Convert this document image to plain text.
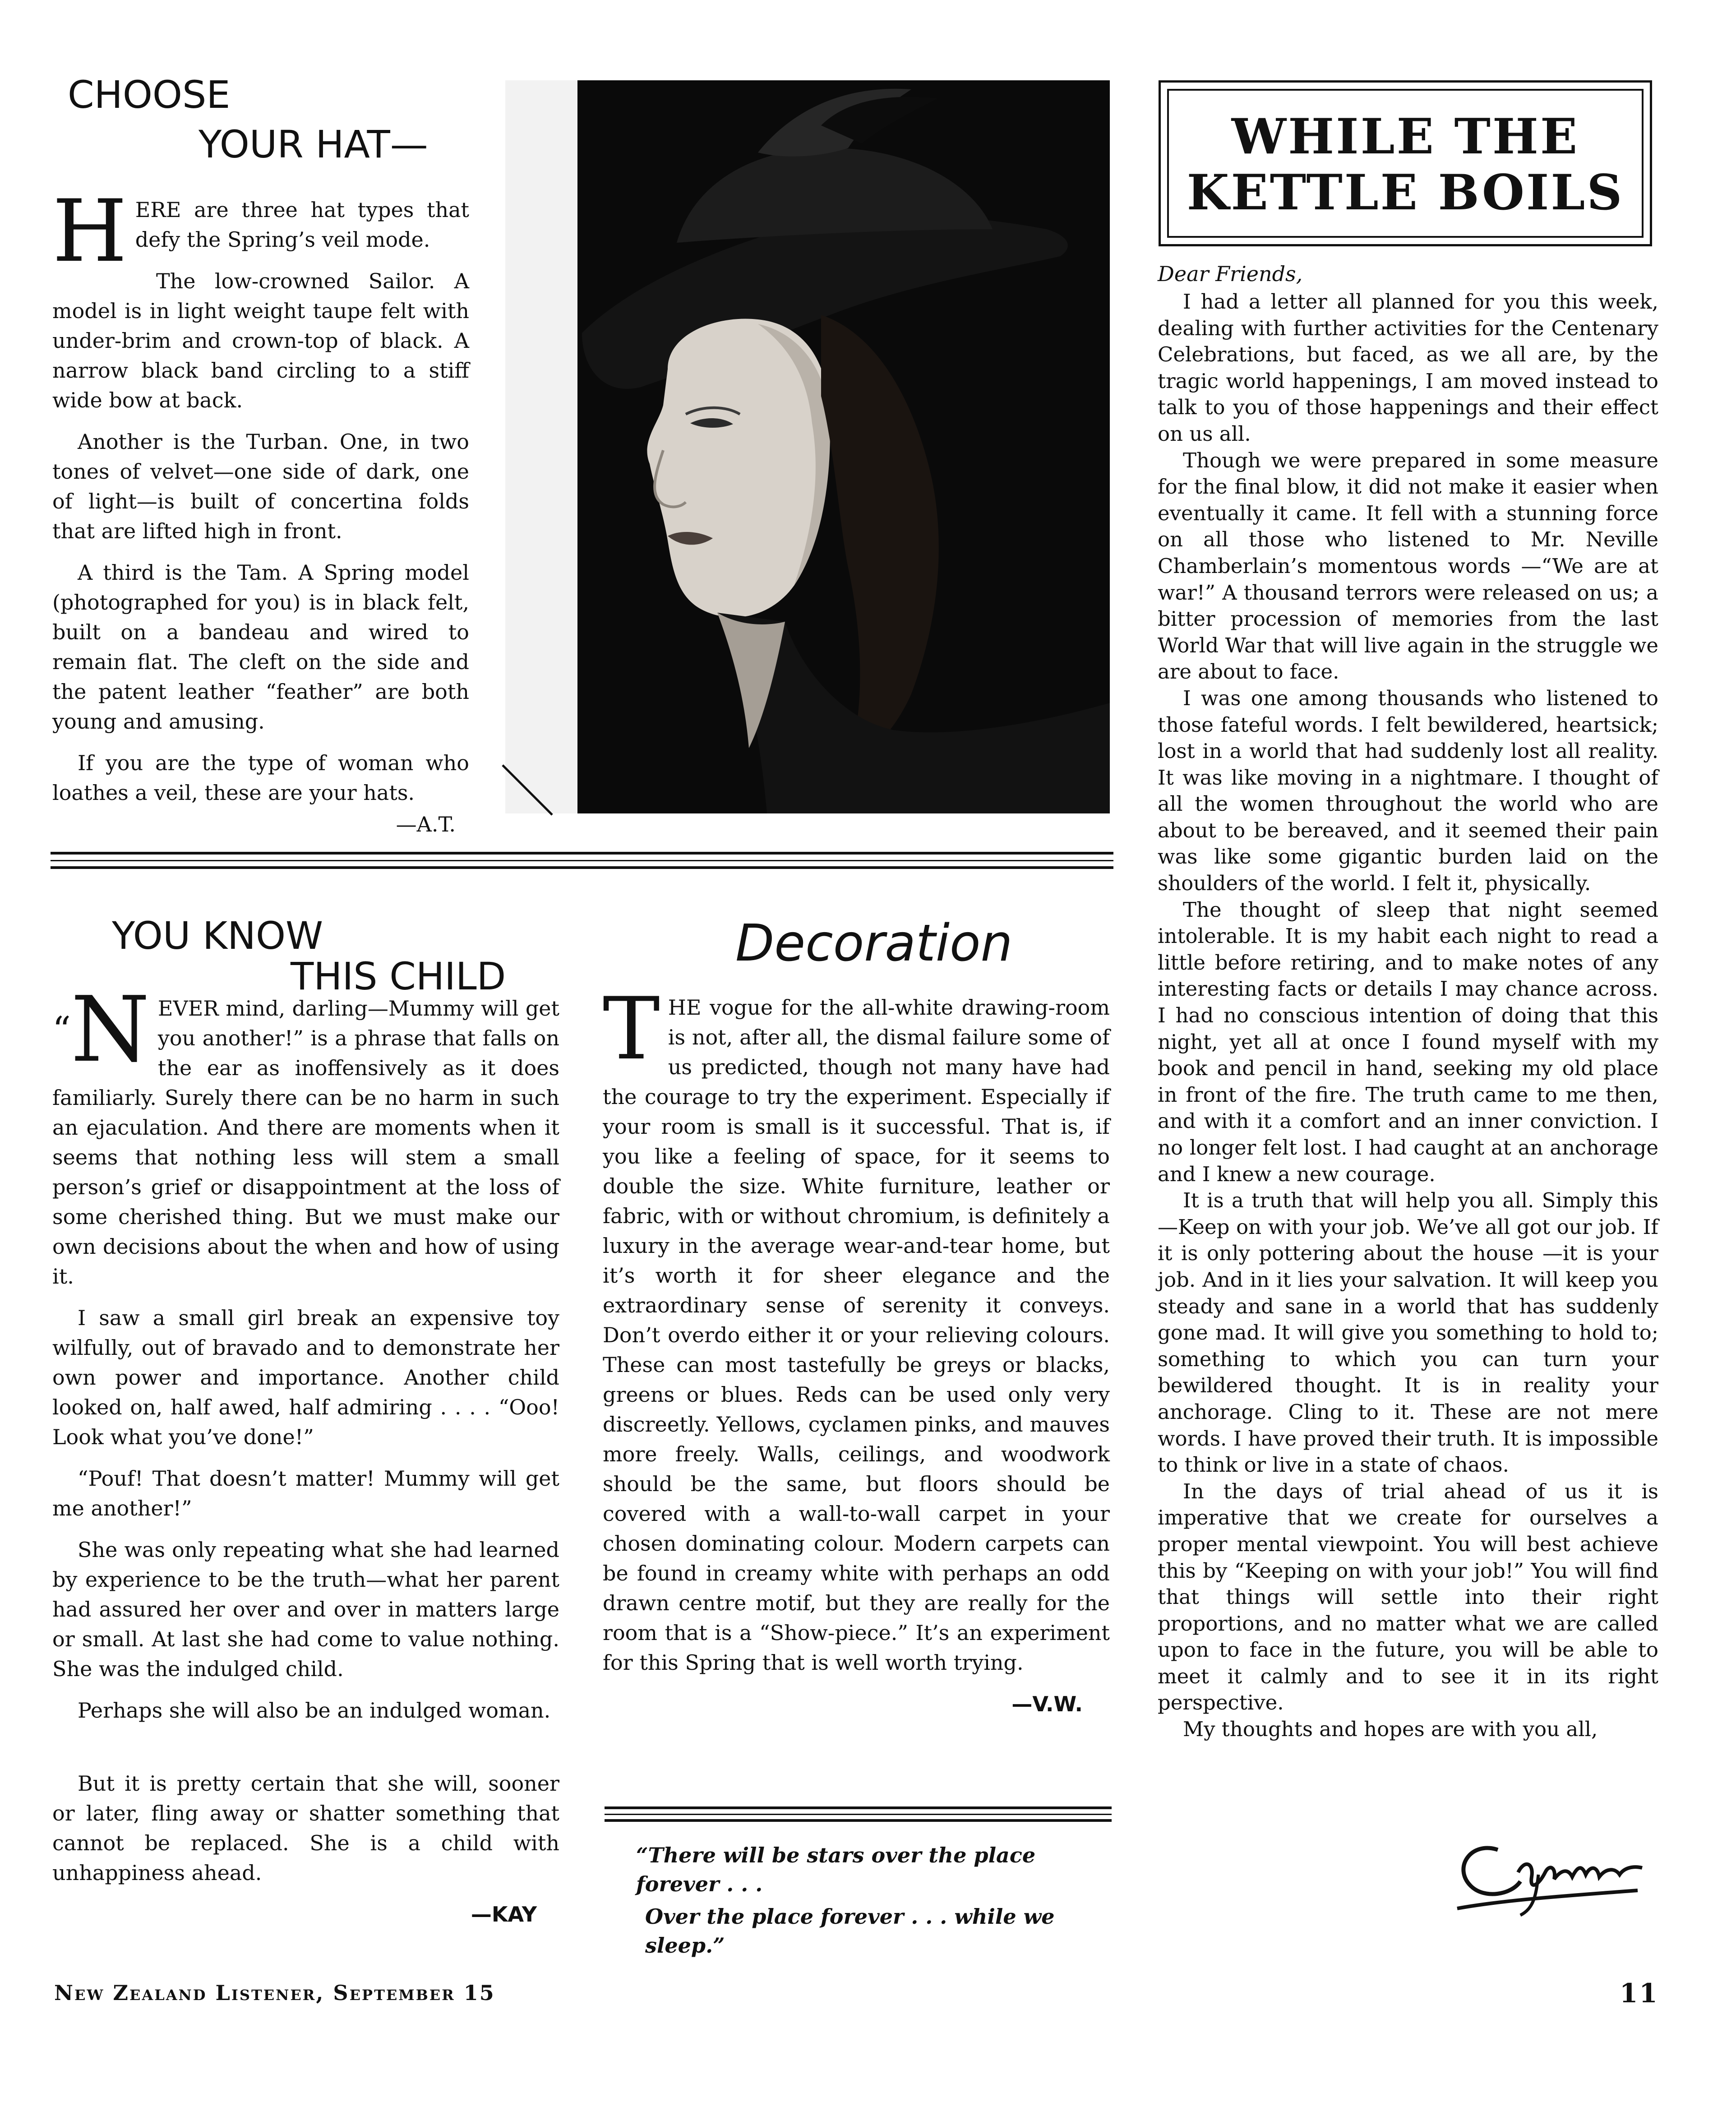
CHOOSE
YOUR HAT—

HERE are three hat types that defy the Spring’s veil mode.

The low-crowned Sailor. A model is in light weight taupe felt with under-brim and crown-top of black. A narrow black band circling to a stiff wide bow at back.

Another is the Turban. One, in two tones of velvet—one side of dark, one of light—is built of concertina folds that are lifted high in front.

A third is the Tam. A Spring model (photographed for you) is in black felt, built on a bandeau and wired to remain flat. The cleft on the side and the patent leather “feather” are both young and amusing.

If you are the type of woman who loathes a veil, these are your hats.

—A.T.
YOU KNOW
THIS CHILD

“N EVER mind, darling—Mummy will get you another!” is a phrase that falls on the ear as inoffensively as it does familiarly. Surely there can be no harm in such an ejaculation. And there are moments when it seems that nothing less will stem a small person’s grief or disappointment at the loss of some cherished thing. But we must make our own decisions about the when and how of using it.

I saw a small girl break an expensive toy wilfully, out of bravado and to demonstrate her own power and importance. Another child looked on, half awed, half admiring . . . . “Ooo! Look what you’ve done!”

“Pouf! That doesn’t matter! Mummy will get me another!”

She was only repeating what she had learned by experience to be the truth—what her parent had assured her over and over in matters large or small. At last she had come to value nothing. She was the indulged child.

Perhaps she will also be an indulged woman.

But it is pretty certain that she will, sooner or later, fling away or shatter something that cannot be replaced. She is a child with unhappiness ahead.

—KAY
Decoration

THE vogue for the all-white drawing-room is not, after all, the dismal failure some of us predicted, though not many have had the courage to try the experiment. Especially if your room is small is it successful. That is, if you like a feeling of space, for it seems to double the size. White furniture, leather or fabric, with or without chromium, is definitely a luxury in the average wear-and-tear home, but it’s worth it for sheer elegance and the extraordinary sense of serenity it conveys. Don’t overdo either it or your relieving colours. These can most tastefully be greys or blacks, greens or blues. Reds can be used only very discreetly. Yellows, cyclamen pinks, and mauves more freely. Walls, ceilings, and woodwork should be the same, but floors should be covered with a wall-to-wall carpet in your chosen dominating colour. Modern carpets can be found in creamy white with perhaps an odd drawn centre motif, but they are really for the room that is a “Show-piece.” It’s an experiment for this Spring that is well worth trying.

—V.W.
“There will be stars over the place forever . . .
Over the place forever . . . while we sleep.”
WHILE THE
KETTLE BOILS
Dear Friends,

I had a letter all planned for you this week, dealing with further activities for the Centenary Celebrations, but faced, as we all are, by the tragic world happenings, I am moved instead to talk to you of those happenings and their effect on us all.

Though we were prepared in some measure for the final blow, it did not make it easier when eventually it came. It fell with a stunning force on all those who listened to Mr. Neville Chamberlain’s momentous words —“We are at war!” A thousand terrors were released on us; a bitter procession of memories from the last World War that will live again in the struggle we are about to face.

I was one among thousands who listened to those fateful words. I felt bewildered, heartsick; lost in a world that had suddenly lost all reality. It was like moving in a nightmare. I thought of all the women throughout the world who are about to be bereaved, and it seemed their pain was like some gigantic burden laid on the shoulders of the world. I felt it, physically.

The thought of sleep that night seemed intolerable. It is my habit each night to read a little before retiring, and to make notes of any interesting facts or details I may chance across. I had no conscious intention of doing that this night, yet all at once I found myself with my book and pencil in hand, seeking my old place in front of the fire. The truth came to me then, and with it a comfort and an inner conviction. I no longer felt lost. I had caught at an anchorage and I knew a new courage.

It is a truth that will help you all. Simply this—Keep on with your job. We’ve all got our job. If it is only pottering about the house —it is your job. And in it lies your salvation. It will keep you steady and sane in a world that has suddenly gone mad. It will give you something to hold to; something to which you can turn your bewildered thought. It is in reality your anchorage. Cling to it. These are not mere words. I have proved their truth. It is impossible to think or live in a state of chaos.

In the days of trial ahead of us it is imperative that we create for ourselves a proper mental viewpoint. You will best achieve this by “Keeping on with your job!” You will find that things will settle into their right proportions, and no matter what we are called upon to face in the future, you will be able to meet it calmly and to see it in its right perspective.

My thoughts and hopes are with you all,

New Zealand Listener, September 15	11
